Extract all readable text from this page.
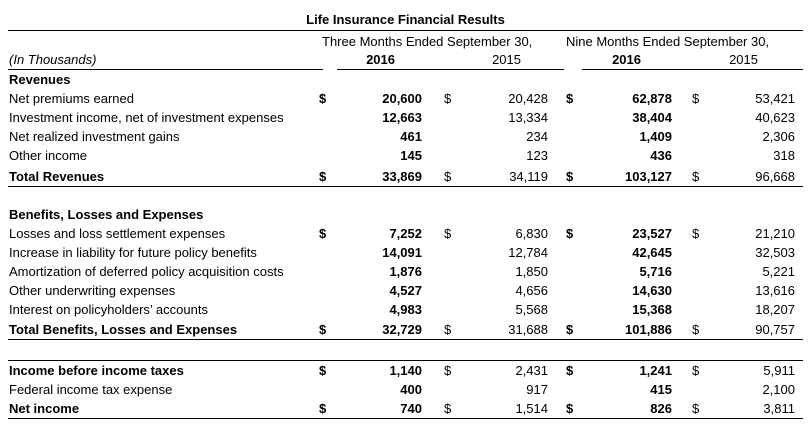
Life Insurance Financial Results
Three Months Ended September 30,	Nine Months Ended September 30,
(In Thousands)	2016	2015	2016	2015
Revenues
Net premiums earned	$	20,600 $	20,428 $	62,878 $	53,421
Investment income, net of investment expenses	12,663	13,334	38,404	40,623
Net realized investment gains	461	234	1,409	2,306
Other income	145	123	436	318
Total Revenues	$	33,869 $	34,119 $	103,127 $	96,668
Benefits, Losses and Expenses
Losses and loss settlement expenses	$	7,252 $	6,830 $	23,527 $	21,210
Increase in liability for future policy benefits	14,091	12,784	42,645	32,503
Amortization of deferred policy acquisition costs	1,876	1,850	5,716	5,221
Other underwriting expenses	4,527	4,656	14,630	13,616
Interest on policyholders’ accounts	4,983	5,568	15,368	18,207
Total Benefits, Losses and Expenses	$	32,729 $	31,688 $	101,886 $	90,757
Income before income taxes	$	1,140 $	2,431 $	1,241 $	5,911
Federal income tax expense	400	917	415	2,100
Net income	$	740 $	1,514 $	826 $	3,811
